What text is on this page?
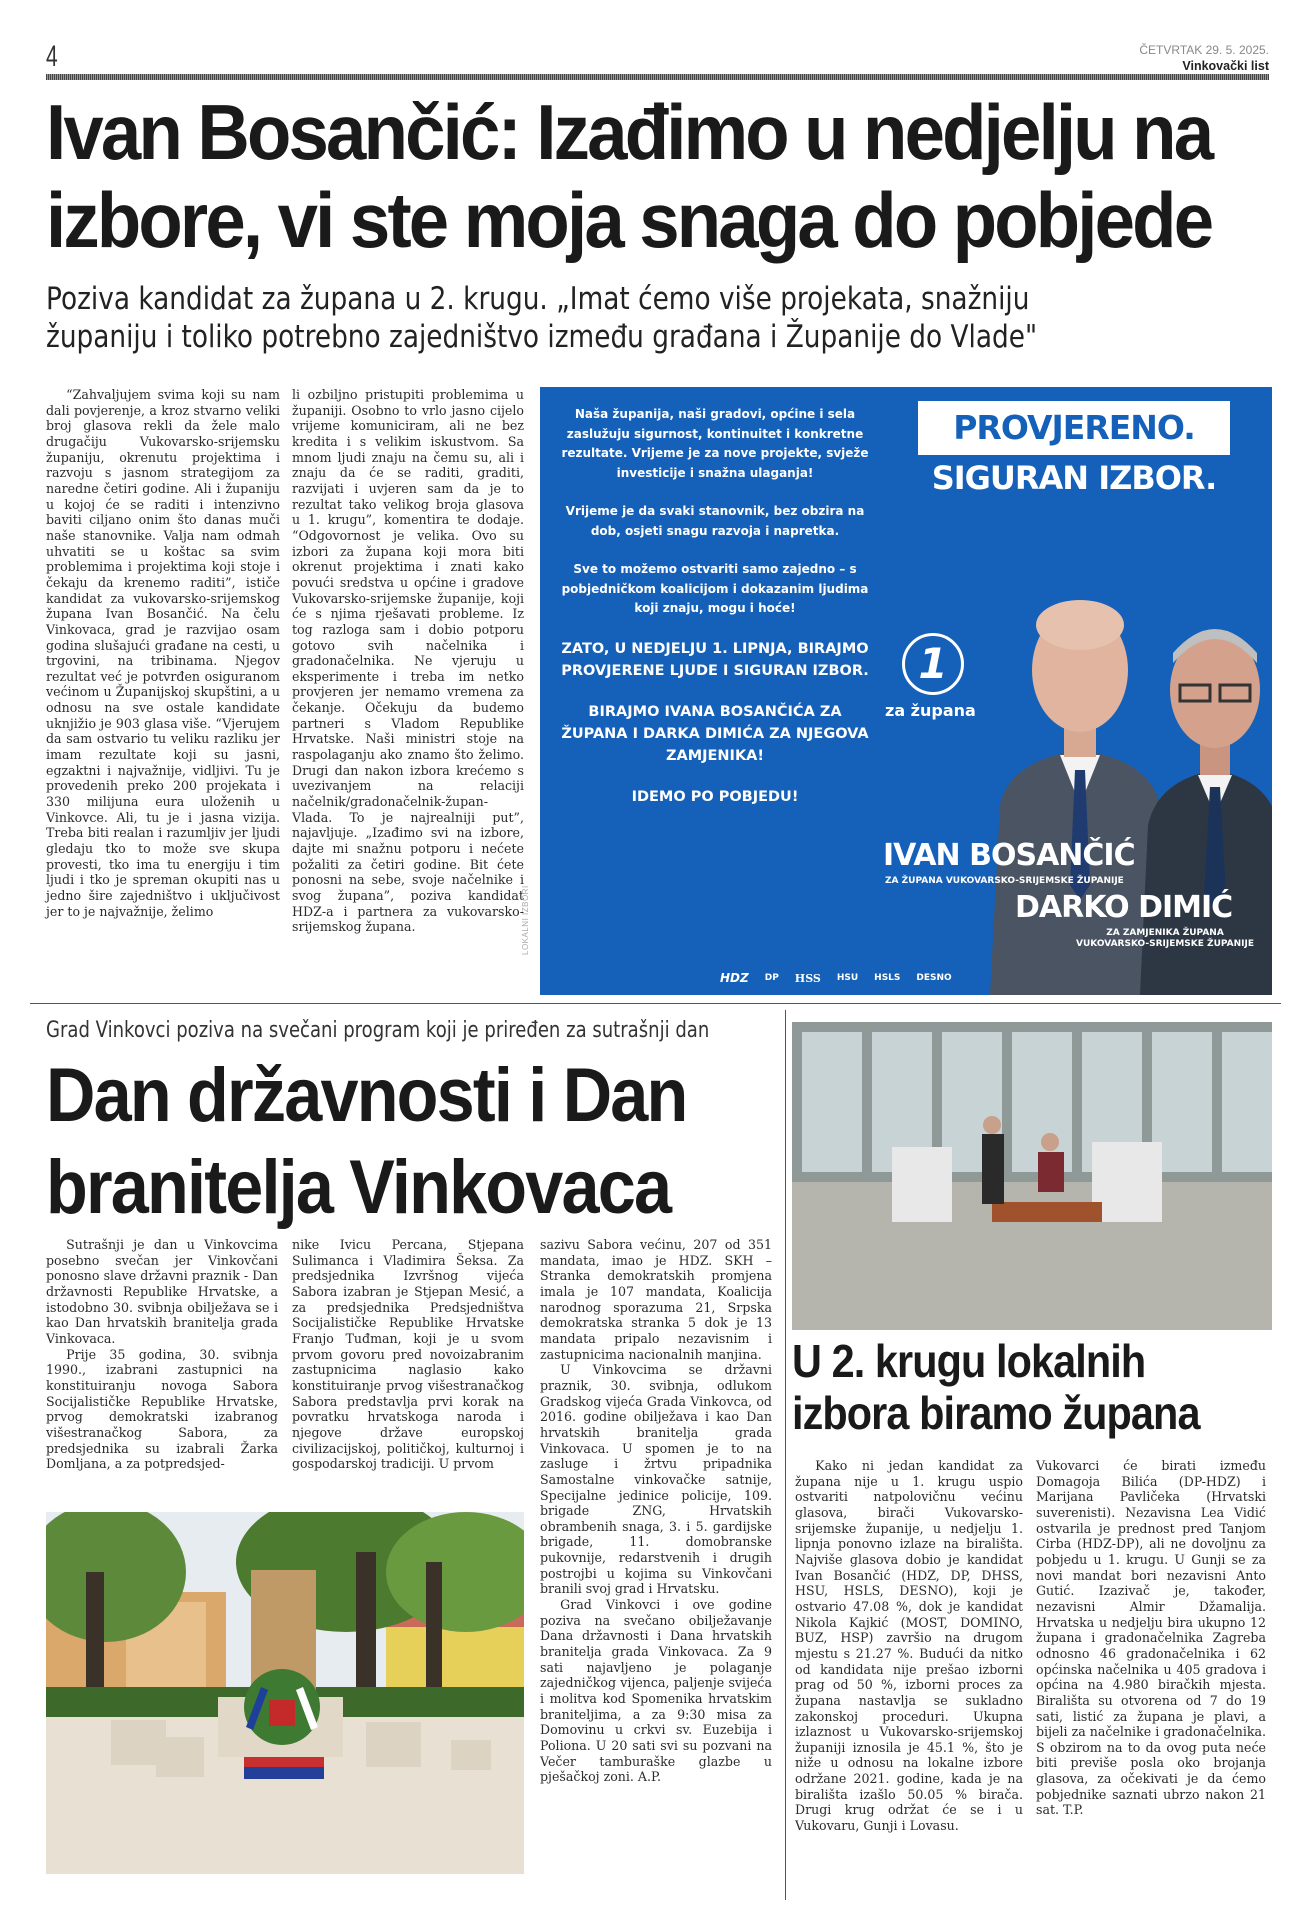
4	ČETVRTAK 29. 5. 2025.
Vinkovački list
Ivan Bosančić: Izađimo u nedjelju na
izbore, vi ste moja snaga do pobjede
Poziva kandidat za župana u 2. krugu. „Imat ćemo više projekata, snažniju
županiju i toliko potrebno zajedništvo između građana i Županije do Vlade"

“Zahvaljujem svima koji su nam dali povjerenje, a kroz stvarno veliki broj glasova rekli da žele malo drugačiju Vukovarsko-srijemsku županiju, okrenutu projektima i razvoju s jasnom strategijom za naredne četiri godine. Ali i županiju u kojoj će se raditi i intenzivno baviti ciljano onim što danas muči naše stanovnike. Valja nam odmah uhvatiti se u koštac sa svim problemima i projektima koji stoje i čekaju da krenemo raditi”, ističe kandidat za vukovarsko-srijemskog župana Ivan Bosančić. Na čelu Vinkovaca, grad je razvijao osam godina slušajući građane na cesti, u trgovini, na tribinama. Njegov rezultat već je potvrđen osiguranom većinom u Županijskoj skupštini, a u odnosu na sve ostale kandidate uknjižio je 903 glasa više. “Vjerujem da sam ostvario tu veliku razliku jer imam rezultate koji su jasni, egzaktni i najvažnije, vidljivi. Tu je provedenih preko 200 projekata i 330 milijuna eura uloženih u Vinkovce. Ali, tu je i jasna vizija. Treba biti realan i razumljiv jer ljudi gledaju tko to može sve skupa provesti, tko ima tu energiju i tim ljudi i tko je spreman okupiti nas u jedno šire zajedništvo i uključivost jer to je najvažnije, želimo

li ozbiljno pristupiti problemima u županiji. Osobno to vrlo jasno cijelo vrijeme komuniciram, ali ne bez kredita i s velikim iskustvom. Sa mnom ljudi znaju na čemu su, ali i znaju da će se raditi, graditi, razvijati i uvjeren sam da je to rezultat tako velikog broja glasova u 1. krugu”, komentira te dodaje. “Odgovornost je velika. Ovo su izbori za župana koji mora biti okrenut projektima i znati kako povući sredstva u općine i gradove Vukovarsko-srijemske županije, koji će s njima rješavati probleme. Iz tog razloga sam i dobio potporu gotovo svih načelnika i gradonačelnika. Ne vjeruju u eksperimente i treba im netko provjeren jer nemamo vremena za čekanje. Očekuju da budemo partneri s Vladom Republike Hrvatske. Naši ministri stoje na raspolaganju ako znamo što želimo. Drugi dan nakon izbora krećemo s uvezivanjem na relaciji načelnik/gradonačelnik-župan-Vlada. To je najrealniji put”, najavljuje. „Izađimo svi na izbore, dajte mi snažnu potporu i nećete požaliti za četiri godine. Bit ćete ponosni na sebe, svoje načelnike i svog župana”, poziva kandidat HDZ-a i partnera za vukovarsko-srijemskog župana.	LOKALNI IZBORI

Naša županija, naši gradovi, općine i sela zaslužuju sigurnost, kontinuitet i konkretne rezultate. Vrijeme je za nove projekte, svježe investicije i snažna ulaganja!

Vrijeme je da svaki stanovnik, bez obzira na dob, osjeti snagu razvoja i napretka.

Sve to možemo ostvariti samo zajedno – s pobjedničkom koalicijom i dokazanim ljudima koji znaju, mogu i hoće!

ZATO, U NEDJELJU 1. LIPNJA, BIRAJMO PROVJERENE LJUDE I SIGURAN IZBOR.

BIRAJMO IVANA BOSANČIĆA ZA ŽUPANA I DARKA DIMIĆA ZA NJEGOVA ZAMJENIKA!

IDEMO PO POBJEDU!

PROVJERENO.
SIGURAN IZBOR.
1
za župana
IVAN BOSANČIĆ
ZA ŽUPANA VUKOVARSKO-SRIJEMSKE ŽUPANIJE
DARKO DIMIĆ
ZA ZAMJENIKA ŽUPANA
VUKOVARSKO-SRIJEMSKE ŽUPANIJE
HDZ DP HSS HSU HSLS DESNO
Grad Vinkovci poziva na svečani program koji je priređen za sutrašnji dan
Dan državnosti i Dan
branitelja Vinkovaca

Sutrašnji je dan u Vinkovcima posebno svečan jer Vinkovčani ponosno slave državni praznik - Dan državnosti Republike Hrvatske, a istodobno 30. svibnja obilježava se i kao Dan hrvatskih branitelja grada Vinkovaca.

Prije 35 godina, 30. svibnja 1990., izabrani zastupnici na konstituiranju novoga Sabora Socijalističke Republike Hrvatske, prvog demokratski izabranog višestranačkog Sabora, za predsjednika su izabrali Žarka Domljana, a za potpredsjed-

nike Ivicu Percana, Stjepana Sulimanca i Vladimira Šeksa. Za predsjednika Izvršnog vijeća Sabora izabran je Stjepan Mesić, a za predsjednika Predsjedništva Socijalističke Republike Hrvatske Franjo Tuđman, koji je u svom prvom govoru pred novoizabranim zastupnicima naglasio kako konstituiranje prvog višestranačkog Sabora predstavlja prvi korak na povratku hrvatskoga naroda i njegove države europskoj civilizacijskoj, političkoj, kulturnoj i gospodarskoj tradiciji. U prvom

sazivu Sabora većinu, 207 od 351 mandata, imao je HDZ. SKH – Stranka demokratskih promjena imala je 107 mandata, Koalicija narodnog sporazuma 21, Srpska demokratska stranka 5 dok je 13 mandata pripalo nezavisnim i zastupnicima nacionalnih manjina.

U Vinkovcima se državni praznik, 30. svibnja, odlukom Gradskog vijeća Grada Vinkovca, od 2016. godine obilježava i kao Dan hrvatskih branitelja grada Vinkovaca. U spomen je to na zasluge i žrtvu pripadnika Samostalne vinkovačke satnije, Specijalne jedinice policije, 109. brigade ZNG, Hrvatskih obrambenih snaga, 3. i 5. gardijske brigade, 11. domobranske pukovnije, redarstvenih i drugih postrojbi u kojima su Vinkovčani branili svoj grad i Hrvatsku.

Grad Vinkovci i ove godine poziva na svečano obilježavanje Dana državnosti i Dana hrvatskih branitelja grada Vinkovaca. Za 9 sati najavljeno je polaganje zajedničkog vijenca, paljenje svijeća i molitva kod Spomenika hrvatskim braniteljima, a za 9:30 misa za Domovinu u crkvi sv. Euzebija i Poliona. U 20 sati svi su pozvani na Večer tamburaške glazbe u pješačkoj zoni. A.P.

U 2. krugu lokalnih
izbora biramo župana

Kako ni jedan kandidat za župana nije u 1. krugu uspio ostvariti natpolovičnu većinu glasova, birači Vukovarsko-srijemske županije, u nedjelju 1. lipnja ponovno izlaze na birališta. Najviše glasova dobio je kandidat Ivan Bosančić (HDZ, DP, DHSS, HSU, HSLS, DESNO), koji je ostvario 47.08 %, dok je kandidat Nikola Kajkić (MOST, DOMINO, BUZ, HSP) završio na drugom mjestu s 21.27 %. Budući da nitko od kandidata nije prešao izborni prag od 50 %, izborni proces za župana nastavlja se sukladno zakonskoj proceduri. Ukupna izlaznost u Vukovarsko-srijemskoj županiji iznosila je 45.1 %, što je niže u odnosu na lokalne izbore održane 2021. godine, kada je na birališta izašlo 50.05 % birača. Drugi krug održat će se i u Vukovaru, Gunji i Lovasu.

Vukovarci će birati između Domagoja Bilića (DP-HDZ) i Marijana Pavličeka (Hrvatski suverenisti). Nezavisna Lea Vidić ostvarila je prednost pred Tanjom Cirba (HDZ-DP), ali ne dovoljnu za pobjedu u 1. krugu. U Gunji se za novi mandat bori nezavisni Anto Gutić. Izazivač je, također, nezavisni Almir Džamalija. Hrvatska u nedjelju bira ukupno 12 župana i gradonačelnika Zagreba odnosno 46 gradonačelnika i 62 općinska načelnika u 405 gradova i općina na 4.980 biračkih mjesta. Birališta su otvorena od 7 do 19 sati, listić za župana je plavi, a bijeli za načelnike i gradonačelnika. S obzirom na to da ovog puta neće biti previše posla oko brojanja glasova, za očekivati je da ćemo pobjednike saznati ubrzo nakon 21 sat. T.P.
